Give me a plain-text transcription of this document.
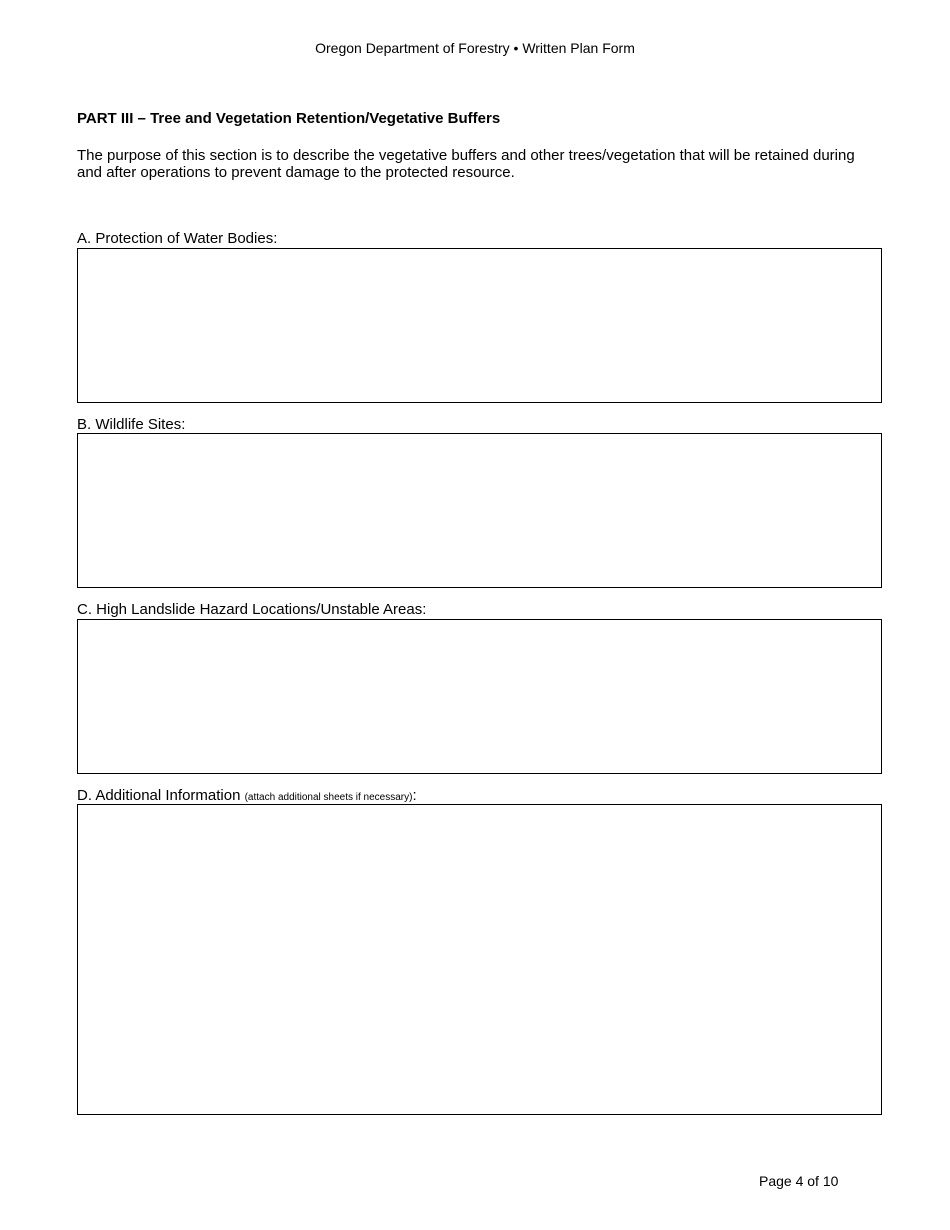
Oregon Department of Forestry • Written Plan Form
PART III – Tree and Vegetation Retention/Vegetative Buffers
The purpose of this section is to describe the vegetative buffers and other trees/vegetation that will be retained during and after operations to prevent damage to the protected resource.
A. Protection of Water Bodies:
B. Wildlife Sites:
C. High Landslide Hazard Locations/Unstable Areas:
D. Additional Information (attach additional sheets if necessary):
Page 4 of 10
